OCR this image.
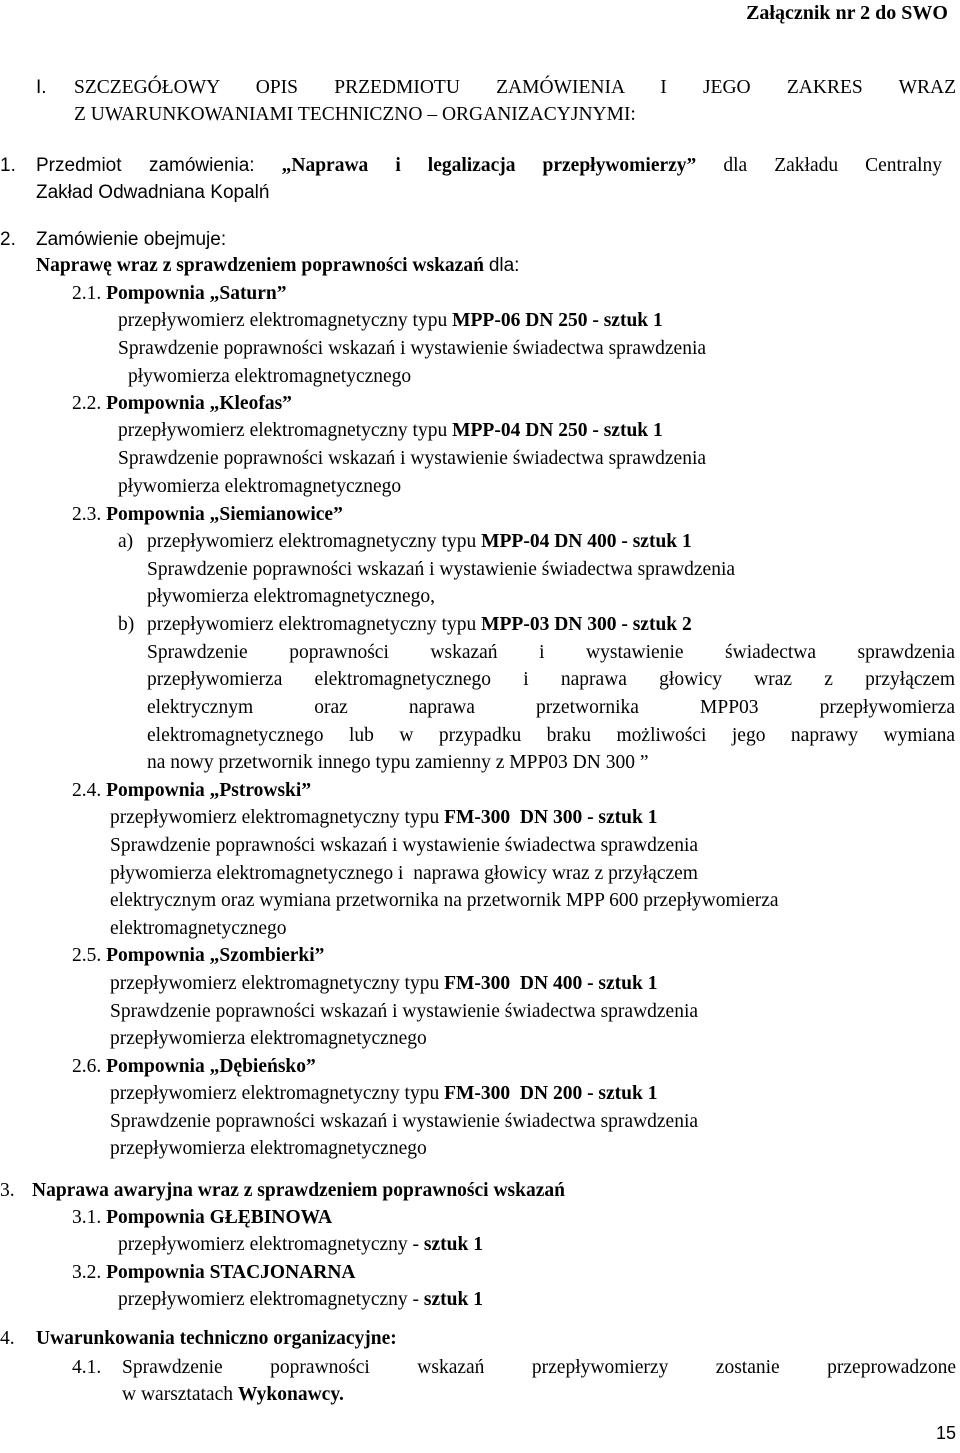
Załącznik nr 2 do SWO
I. SZCZEGÓŁOWY OPIS PRZEDMIOTU ZAMÓWIENIA I JEGO ZAKRES WRAZ
Z UWARUNKOWANIAMI TECHNICZNO – ORGANIZACYJNYMI:
1. Przedmiot zamówienia: „Naprawa i legalizacja przepływomierzy” dla Zakładu Centralny
Zakład Odwadniana Kopalń
2. Zamówienie obejmuje:
Naprawę wraz z sprawdzeniem poprawności wskazań dla:
2.1. Pompownia „Saturn”
przepływomierz elektromagnetyczny typu MPP-06 DN 250 - sztuk 1
Sprawdzenie poprawności wskazań i wystawienie świadectwa sprawdzenia
pływomierza elektromagnetycznego
2.2. Pompownia „Kleofas”
przepływomierz elektromagnetyczny typu MPP-04 DN 250 - sztuk 1
Sprawdzenie poprawności wskazań i wystawienie świadectwa sprawdzenia
pływomierza elektromagnetycznego
2.3. Pompownia „Siemianowice”
a) przepływomierz elektromagnetyczny typu MPP-04 DN 400 - sztuk 1
Sprawdzenie poprawności wskazań i wystawienie świadectwa sprawdzenia
pływomierza elektromagnetycznego,
b) przepływomierz elektromagnetyczny typu MPP-03 DN 300 - sztuk 2
Sprawdzenie poprawności wskazań i wystawienie świadectwa sprawdzenia
przepływomierza elektromagnetycznego i naprawa głowicy wraz z przyłączem
elektrycznym oraz naprawa przetwornika MPP03 przepływomierza
elektromagnetycznego lub w przypadku braku możliwości jego naprawy wymiana
na nowy przetwornik innego typu zamienny z MPP03 DN 300 ”
2.4. Pompownia „Pstrowski”
przepływomierz elektromagnetyczny typu FM-300  DN 300 - sztuk 1
Sprawdzenie poprawności wskazań i wystawienie świadectwa sprawdzenia
pływomierza elektromagnetycznego i  naprawa głowicy wraz z przyłączem
elektrycznym oraz wymiana przetwornika na przetwornik MPP 600 przepływomierza
elektromagnetycznego
2.5. Pompownia „Szombierki”
przepływomierz elektromagnetyczny typu FM-300  DN 400 - sztuk 1
Sprawdzenie poprawności wskazań i wystawienie świadectwa sprawdzenia
przepływomierza elektromagnetycznego
2.6. Pompownia „Dębieńsko”
przepływomierz elektromagnetyczny typu FM-300  DN 200 - sztuk 1
Sprawdzenie poprawności wskazań i wystawienie świadectwa sprawdzenia
przepływomierza elektromagnetycznego
3. Naprawa awaryjna wraz z sprawdzeniem poprawności wskazań
3.1. Pompownia GŁĘBINOWA
przepływomierz elektromagnetyczny - sztuk 1
3.2. Pompownia STACJONARNA
przepływomierz elektromagnetyczny - sztuk 1
4. Uwarunkowania techniczno organizacyjne:
4.1. Sprawdzenie poprawności wskazań przepływomierzy zostanie przeprowadzone
w warsztatach Wykonawcy.
15
